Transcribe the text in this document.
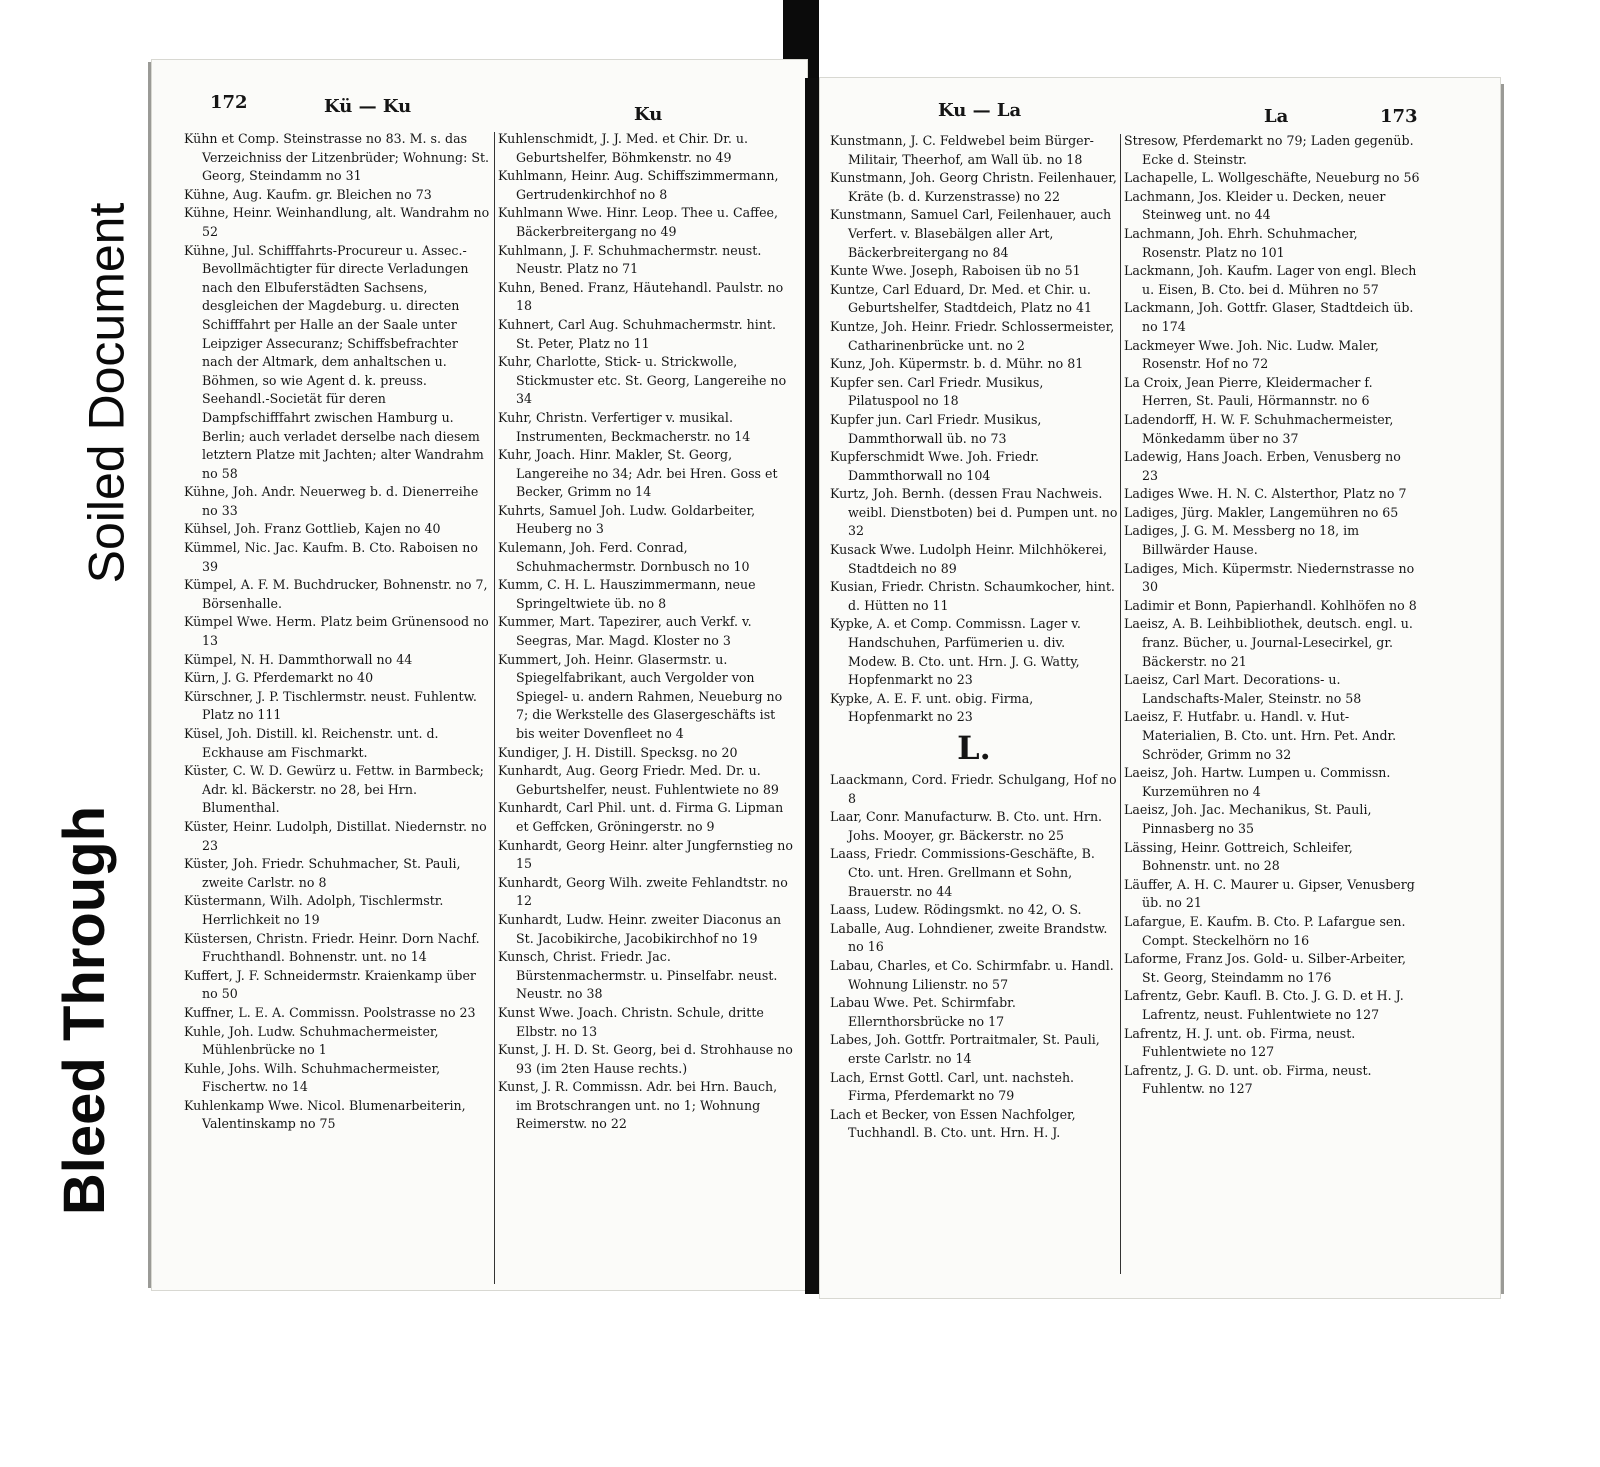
Soiled Document
Bleed Through
172	Kü — Ku	Ku

Kühn et Comp. Steinstrasse no 83. M. s. das Verzeichniss der Litzenbrüder; Wohnung: St. Georg, Steindamm no 31

Kühne, Aug. Kaufm. gr. Bleichen no 73

Kühne, Heinr. Weinhandlung, alt. Wandrahm no 52

Kühne, Jul. Schifffahrts-Procureur u. Assec.-Bevollmächtigter für directe Verladungen nach den Elbuferstädten Sachsens, desgleichen der Magdeburg. u. directen Schifffahrt per Halle an der Saale unter Leipziger Assecuranz; Schiffsbefrachter nach der Altmark, dem anhaltschen u. Böhmen, so wie Agent d. k. preuss. Seehandl.-Societät für deren Dampfschifffahrt zwischen Hamburg u. Berlin; auch verladet derselbe nach diesem letztern Platze mit Jachten; alter Wandrahm no 58

Kühne, Joh. Andr. Neuerweg b. d. Dienerreihe no 33

Kühsel, Joh. Franz Gottlieb, Kajen no 40

Kümmel, Nic. Jac. Kaufm. B. Cto. Raboisen no 39

Kümpel, A. F. M. Buchdrucker, Bohnenstr. no 7, Börsenhalle.

Kümpel Wwe. Herm. Platz beim Grünensood no 13

Kümpel, N. H. Dammthorwall no 44

Kürn, J. G. Pferdemarkt no 40

Kürschner, J. P. Tischlermstr. neust. Fuhlentw. Platz no 111

Küsel, Joh. Distill. kl. Reichenstr. unt. d. Eckhause am Fischmarkt.

Küster, C. W. D. Gewürz u. Fettw. in Barmbeck; Adr. kl. Bäckerstr. no 28, bei Hrn. Blumenthal.

Küster, Heinr. Ludolph, Distillat. Niedernstr. no 23

Küster, Joh. Friedr. Schuhmacher, St. Pauli, zweite Carlstr. no 8

Küstermann, Wilh. Adolph, Tischlermstr. Herrlichkeit no 19

Küstersen, Christn. Friedr. Heinr. Dorn Nachf. Fruchthandl. Bohnenstr. unt. no 14

Kuffert, J. F. Schneidermstr. Kraienkamp über no 50

Kuffner, L. E. A. Commissn. Poolstrasse no 23

Kuhle, Joh. Ludw. Schuhmachermeister, Mühlenbrücke no 1

Kuhle, Johs. Wilh. Schuhmachermeister, Fischertw. no 14

Kuhlenkamp Wwe. Nicol. Blumenarbeiterin, Valentinskamp no 75

Kuhlenschmidt, J. J. Med. et Chir. Dr. u. Geburtshelfer, Böhmkenstr. no 49

Kuhlmann, Heinr. Aug. Schiffszimmermann, Gertrudenkirchhof no 8

Kuhlmann Wwe. Hinr. Leop. Thee u. Caffee, Bäckerbreitergang no 49

Kuhlmann, J. F. Schuhmachermstr. neust. Neustr. Platz no 71

Kuhn, Bened. Franz, Häutehandl. Paulstr. no 18

Kuhnert, Carl Aug. Schuhmachermstr. hint. St. Peter, Platz no 11

Kuhr, Charlotte, Stick- u. Strickwolle, Stickmuster etc. St. Georg, Langereihe no 34

Kuhr, Christn. Verfertiger v. musikal. Instrumenten, Beckmacherstr. no 14

Kuhr, Joach. Hinr. Makler, St. Georg, Langereihe no 34; Adr. bei Hren. Goss et Becker, Grimm no 14

Kuhrts, Samuel Joh. Ludw. Goldarbeiter, Heuberg no 3

Kulemann, Joh. Ferd. Conrad, Schuhmachermstr. Dornbusch no 10

Kumm, C. H. L. Hauszimmermann, neue Springeltwiete üb. no 8

Kummer, Mart. Tapezirer, auch Verkf. v. Seegras, Mar. Magd. Kloster no 3

Kummert, Joh. Heinr. Glasermstr. u. Spiegelfabrikant, auch Vergolder von Spiegel- u. andern Rahmen, Neueburg no 7; die Werkstelle des Glasergeschäfts ist bis weiter Dovenfleet no 4

Kundiger, J. H. Distill. Specksg. no 20

Kunhardt, Aug. Georg Friedr. Med. Dr. u. Geburtshelfer, neust. Fuhlentwiete no 89

Kunhardt, Carl Phil. unt. d. Firma G. Lipman et Geffcken, Gröningerstr. no 9

Kunhardt, Georg Heinr. alter Jungfernstieg no 15

Kunhardt, Georg Wilh. zweite Fehlandtstr. no 12

Kunhardt, Ludw. Heinr. zweiter Diaconus an St. Jacobikirche, Jacobikirchhof no 19

Kunsch, Christ. Friedr. Jac. Bürstenmachermstr. u. Pinselfabr. neust. Neustr. no 38

Kunst Wwe. Joach. Christn. Schule, dritte Elbstr. no 13

Kunst, J. H. D. St. Georg, bei d. Strohhause no 93 (im 2ten Hause rechts.)

Kunst, J. R. Commissn. Adr. bei Hrn. Bauch, im Brotschrangen unt. no 1; Wohnung Reimerstw. no 22

Ku — La	La	173

Kunstmann, J. C. Feldwebel beim Bürger-Militair, Theerhof, am Wall üb. no 18

Kunstmann, Joh. Georg Christn. Feilenhauer, Kräte (b. d. Kurzenstrasse) no 22

Kunstmann, Samuel Carl, Feilenhauer, auch Verfert. v. Blasebälgen aller Art, Bäckerbreitergang no 84

Kunte Wwe. Joseph, Raboisen üb no 51

Kuntze, Carl Eduard, Dr. Med. et Chir. u. Geburtshelfer, Stadtdeich, Platz no 41

Kuntze, Joh. Heinr. Friedr. Schlossermeister, Catharinenbrücke unt. no 2

Kunz, Joh. Küpermstr. b. d. Mühr. no 81

Kupfer sen. Carl Friedr. Musikus, Pilatuspool no 18

Kupfer jun. Carl Friedr. Musikus, Dammthorwall üb. no 73

Kupferschmidt Wwe. Joh. Friedr. Dammthorwall no 104

Kurtz, Joh. Bernh. (dessen Frau Nachweis. weibl. Dienstboten) bei d. Pumpen unt. no 32

Kusack Wwe. Ludolph Heinr. Milchhökerei, Stadtdeich no 89

Kusian, Friedr. Christn. Schaumkocher, hint. d. Hütten no 11

Kypke, A. et Comp. Commissn. Lager v. Handschuhen, Parfümerien u. div. Modew. B. Cto. unt. Hrn. J. G. Watty, Hopfenmarkt no 23

Kypke, A. E. F. unt. obig. Firma, Hopfenmarkt no 23

L.

Laackmann, Cord. Friedr. Schulgang, Hof no 8

Laar, Conr. Manufacturw. B. Cto. unt. Hrn. Johs. Mooyer, gr. Bäckerstr. no 25

Laass, Friedr. Commissions-Geschäfte, B. Cto. unt. Hren. Grellmann et Sohn, Brauerstr. no 44

Laass, Ludew. Rödingsmkt. no 42, O. S.

Laballe, Aug. Lohndiener, zweite Brandstw. no 16

Labau, Charles, et Co. Schirmfabr. u. Handl. Wohnung Lilienstr. no 57

Labau Wwe. Pet. Schirmfabr. Ellernthorsbrücke no 17

Labes, Joh. Gottfr. Portraitmaler, St. Pauli, erste Carlstr. no 14

Lach, Ernst Gottl. Carl, unt. nachsteh. Firma, Pferdemarkt no 79

Lach et Becker, von Essen Nachfolger, Tuchhandl. B. Cto. unt. Hrn. H. J.

Stresow, Pferdemarkt no 79; Laden gegenüb. Ecke d. Steinstr.

Lachapelle, L. Wollgeschäfte, Neueburg no 56

Lachmann, Jos. Kleider u. Decken, neuer Steinweg unt. no 44

Lachmann, Joh. Ehrh. Schuhmacher, Rosenstr. Platz no 101

Lackmann, Joh. Kaufm. Lager von engl. Blech u. Eisen, B. Cto. bei d. Mühren no 57

Lackmann, Joh. Gottfr. Glaser, Stadtdeich üb. no 174

Lackmeyer Wwe. Joh. Nic. Ludw. Maler, Rosenstr. Hof no 72

La Croix, Jean Pierre, Kleidermacher f. Herren, St. Pauli, Hörmannstr. no 6

Ladendorff, H. W. F. Schuhmachermeister, Mönkedamm über no 37

Ladewig, Hans Joach. Erben, Venusberg no 23

Ladiges Wwe. H. N. C. Alsterthor, Platz no 7

Ladiges, Jürg. Makler, Langemühren no 65

Ladiges, J. G. M. Messberg no 18, im Billwärder Hause.

Ladiges, Mich. Küpermstr. Niedernstrasse no 30

Ladimir et Bonn, Papierhandl. Kohlhöfen no 8

Laeisz, A. B. Leihbibliothek, deutsch. engl. u. franz. Bücher, u. Journal-Lesecirkel, gr. Bäckerstr. no 21

Laeisz, Carl Mart. Decorations- u. Landschafts-Maler, Steinstr. no 58

Laeisz, F. Hutfabr. u. Handl. v. Hut-Materialien, B. Cto. unt. Hrn. Pet. Andr. Schröder, Grimm no 32

Laeisz, Joh. Hartw. Lumpen u. Commissn. Kurzemühren no 4

Laeisz, Joh. Jac. Mechanikus, St. Pauli, Pinnasberg no 35

Lässing, Heinr. Gottreich, Schleifer, Bohnenstr. unt. no 28

Läuffer, A. H. C. Maurer u. Gipser, Venusberg üb. no 21

Lafargue, E. Kaufm. B. Cto. P. Lafargue sen. Compt. Steckelhörn no 16

Laforme, Franz Jos. Gold- u. Silber-Arbeiter, St. Georg, Steindamm no 176

Lafrentz, Gebr. Kaufl. B. Cto. J. G. D. et H. J. Lafrentz, neust. Fuhlentwiete no 127

Lafrentz, H. J. unt. ob. Firma, neust. Fuhlentwiete no 127

Lafrentz, J. G. D. unt. ob. Firma, neust. Fuhlentw. no 127
